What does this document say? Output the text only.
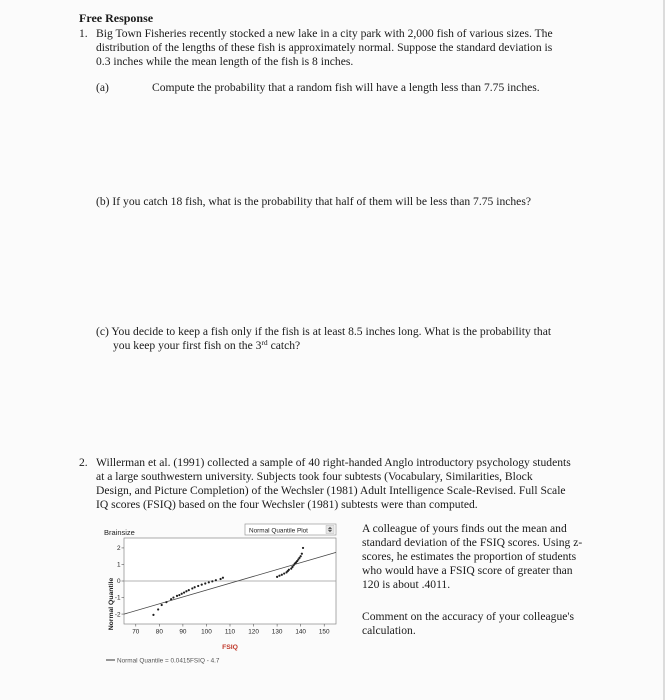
Free Response
1. Big Town Fisheries recently stocked a new lake in a city park with 2,000 fish of various sizes. The
distribution of the lengths of these fish is approximately normal. Suppose the standard deviation is
0.3 inches while the mean length of the fish is 8 inches.
(a)	Compute the probability that a random fish will have a length less than 7.75 inches.
(b) If you catch 18 fish, what is the probability that half of them will be less than 7.75 inches?
(c) You decide to keep a fish only if the fish is at least 8.5 inches long. What is the probability that
you keep your first fish on the 3rd catch?
2. Willerman et al. (1991) collected a sample of 40 right-handed Anglo introductory psychology students
at a large southwestern university. Subjects took four subtests (Vocabulary, Similarities, Block
Design, and Picture Completion) of the Wechsler (1981) Adult Intelligence Scale-Revised. Full Scale
IQ scores (FSIQ) based on the four Wechsler (1981) subtests were than computed.
A colleague of yours finds out the mean and
standard deviation of the FSIQ scores. Using z-
scores, he estimates the proportion of students
who would have a FSIQ score of greater than
120 is about .4011.
Comment on the accuracy of your colleague's
calculation.
Brainsize	Normal Quantile Plot
Normal Quantile
2
1
0
-1
-2
70	80	90 100 110 120 130 140 150
FSIQ
Normal Quantile = 0.0415FSIQ - 4.7
